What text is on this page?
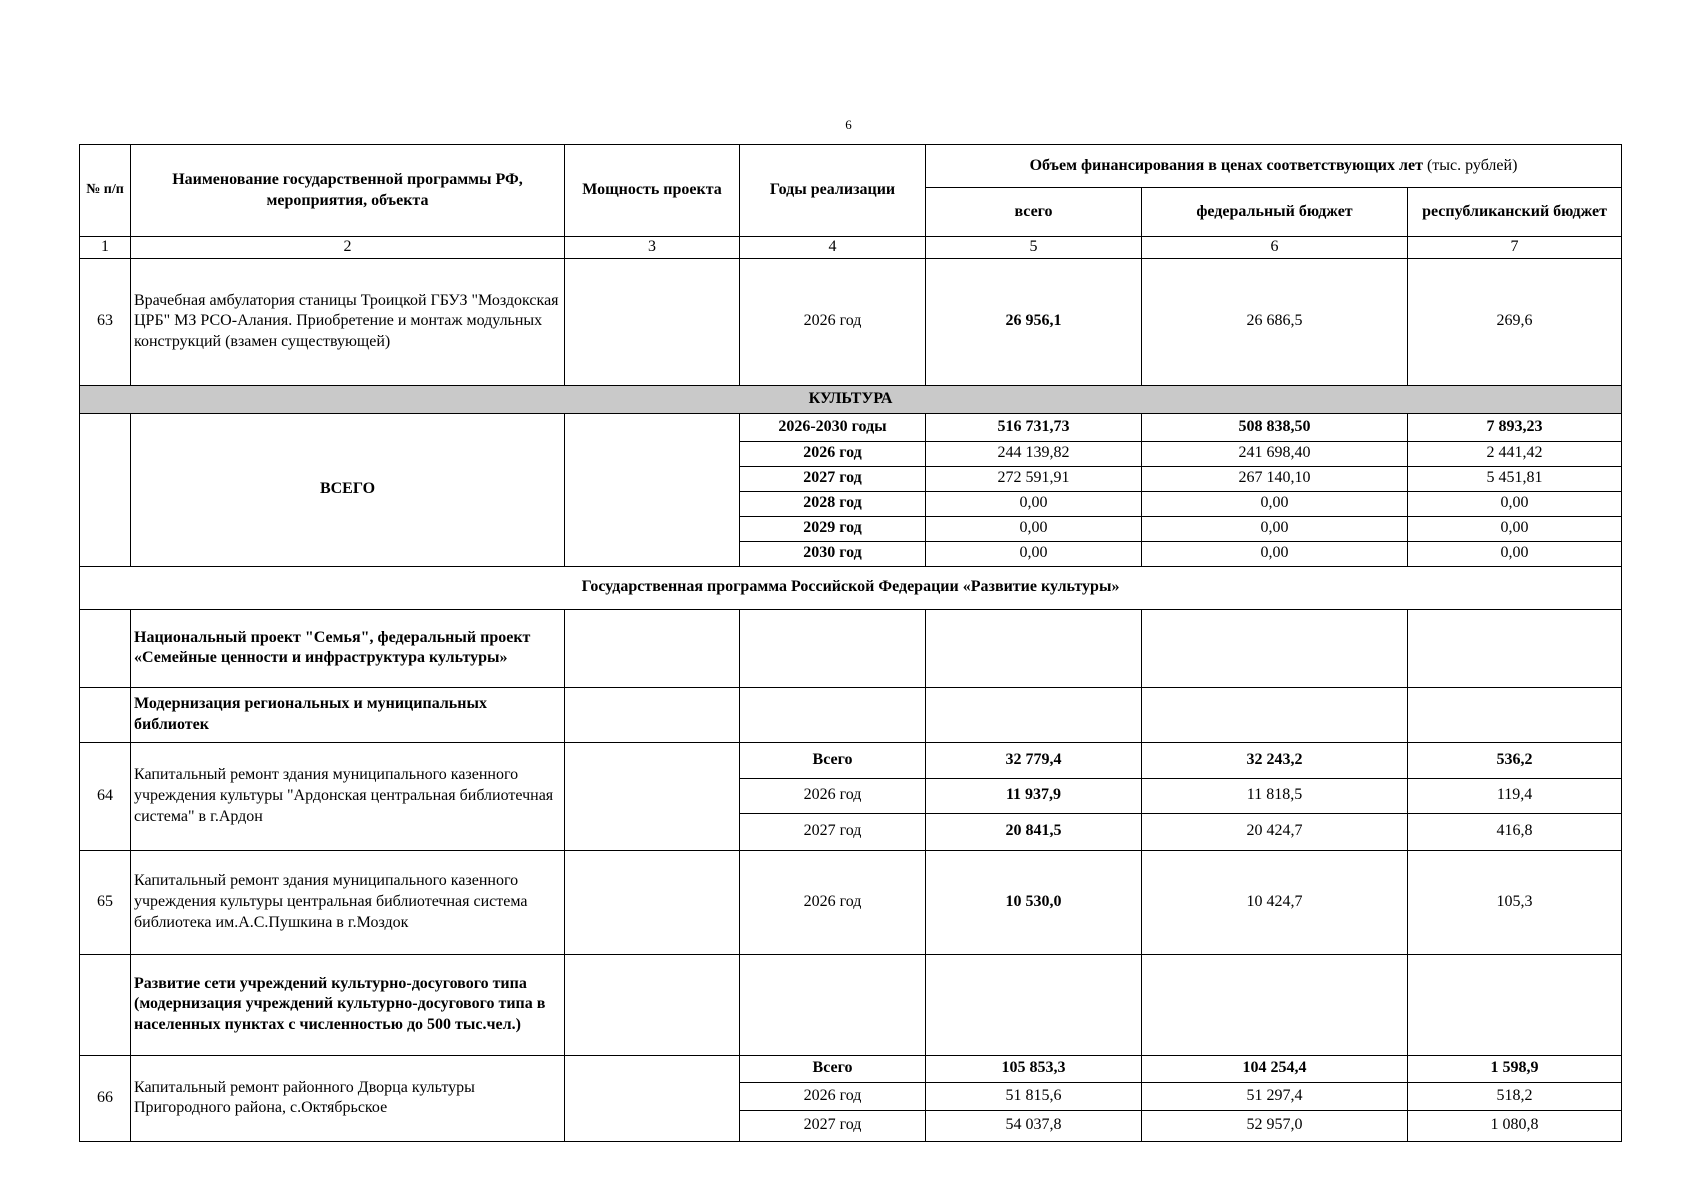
6
№ п/п	Наименование государственной программы РФ, мероприятия, объекта	Мощность проекта	Годы реализации	Объем финансирования в ценах соответствующих лет (тыс. рублей)		
				всего	федеральный бюджет	республиканский бюджет
1	2	3	4	5	6	7
63	Врачебная амбулатория станицы Троицкой ГБУЗ "Моздокская ЦРБ" МЗ РСО-Алания. Приобретение и монтаж модульных конструкций (взамен существующей)		2026 год	26 956,1	26 686,5	269,6
КУЛЬТУРА						
	ВСЕГО		2026-2030 годы	516 731,73	508 838,50	7 893,23
			2026 год	244 139,82	241 698,40	2 441,42
			2027 год	272 591,91	267 140,10	5 451,81
			2028 год	0,00	0,00	0,00
			2029 год	0,00	0,00	0,00
			2030 год	0,00	0,00	0,00
Государственная программа Российской Федерации «Развитие культуры»						
	Национальный проект "Семья", федеральный проект «Семейные ценности и инфраструктура культуры»					
	Модернизация региональных и муниципальных библиотек					
64	Капитальный ремонт здания муниципального казенного учреждения культуры "Ардонская центральная библиотечная система" в г.Ардон		Всего	32 779,4	32 243,2	536,2
			2026 год	11 937,9	11 818,5	119,4
			2027 год	20 841,5	20 424,7	416,8
65	Капитальный ремонт здания муниципального казенного учреждения культуры центральная библиотечная система библиотека им.А.С.Пушкина в г.Моздок		2026 год	10 530,0	10 424,7	105,3
	Развитие сети учреждений культурно-досугового типа (модернизация учреждений культурно-досугового типа в населенных пунктах с численностью до 500 тыс.чел.)					
66	Капитальный ремонт районного Дворца культуры Пригородного района, с.Октябрьское		Всего	105 853,3	104 254,4	1 598,9
			2026 год	51 815,6	51 297,4	518,2
			2027 год	54 037,8	52 957,0	1 080,8
